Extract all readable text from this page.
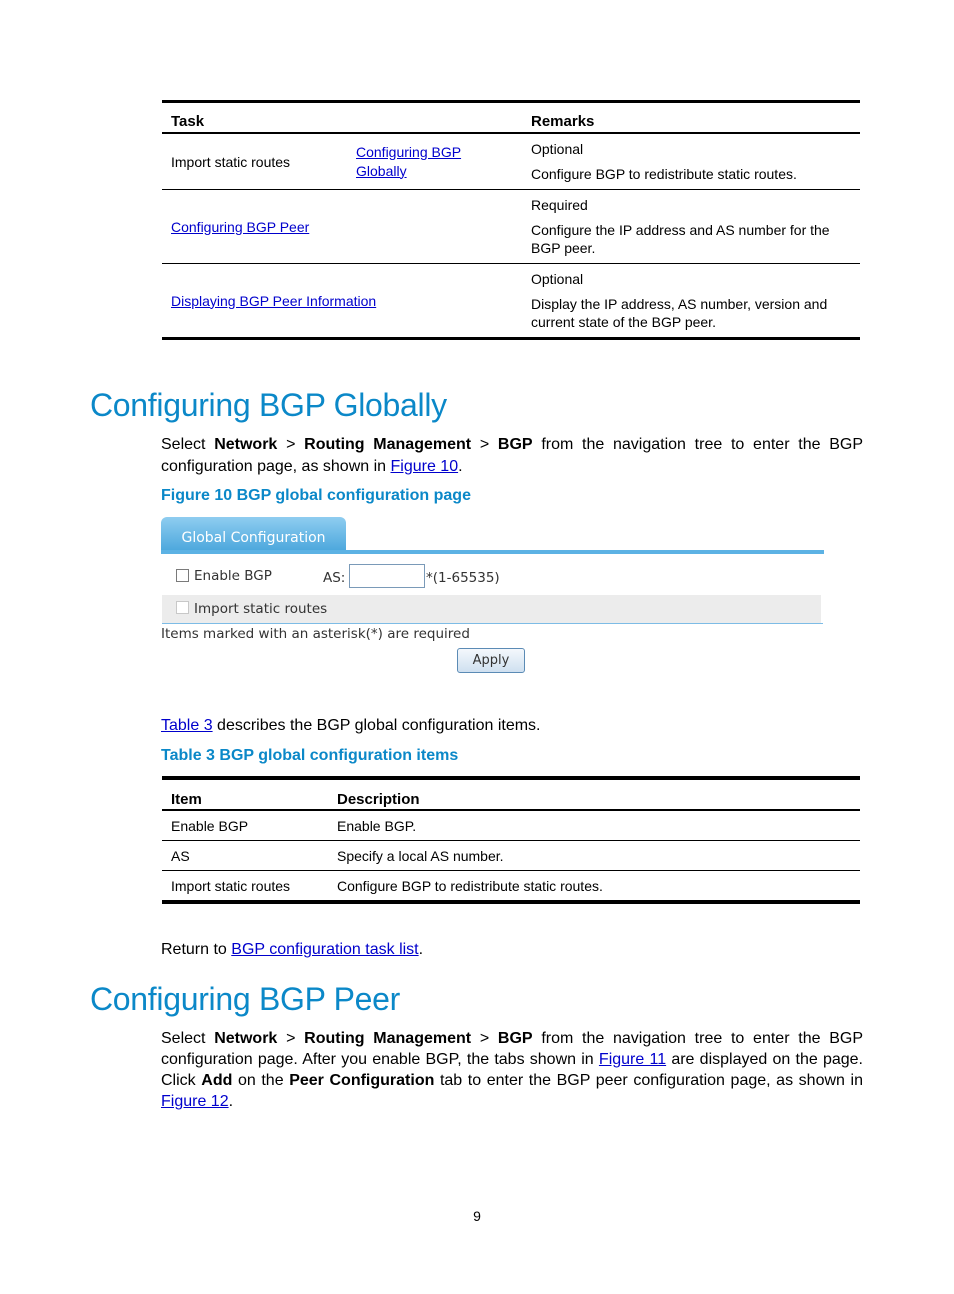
Task		Remarks
Import static routes	Configuring BGP Globally	Optional
Configure BGP to redistribute static routes.

Configuring BGP Peer		Required
Configure the IP address and AS number for the BGP peer.

Displaying BGP Peer Information		Optional
Display the IP address, AS number, version and current state of the BGP peer.
Configuring BGP Globally

Select Network > Routing Management > BGP from the navigation tree to enter the BGP configuration page, as shown in Figure 10.

Figure 10 BGP global configuration page
Global Configuration
Enable BGP	AS:	*(1-65535)
Import static routes
Items marked with an asterisk(*) are required
Apply

Table 3 describes the BGP global configuration items.

Table 3 BGP global configuration items
Item	Description
Enable BGP	Enable BGP.
AS	Specify a local AS number.
Import static routes	Configure BGP to redistribute static routes.

Return to BGP configuration task list.

Configuring BGP Peer

Select Network > Routing Management > BGP from the navigation tree to enter the BGP configuration page. After you enable BGP, the tabs shown in Figure 11 are displayed on the page. Click Add on the Peer Configuration tab to enter the BGP peer configuration page, as shown in Figure 12.

9
